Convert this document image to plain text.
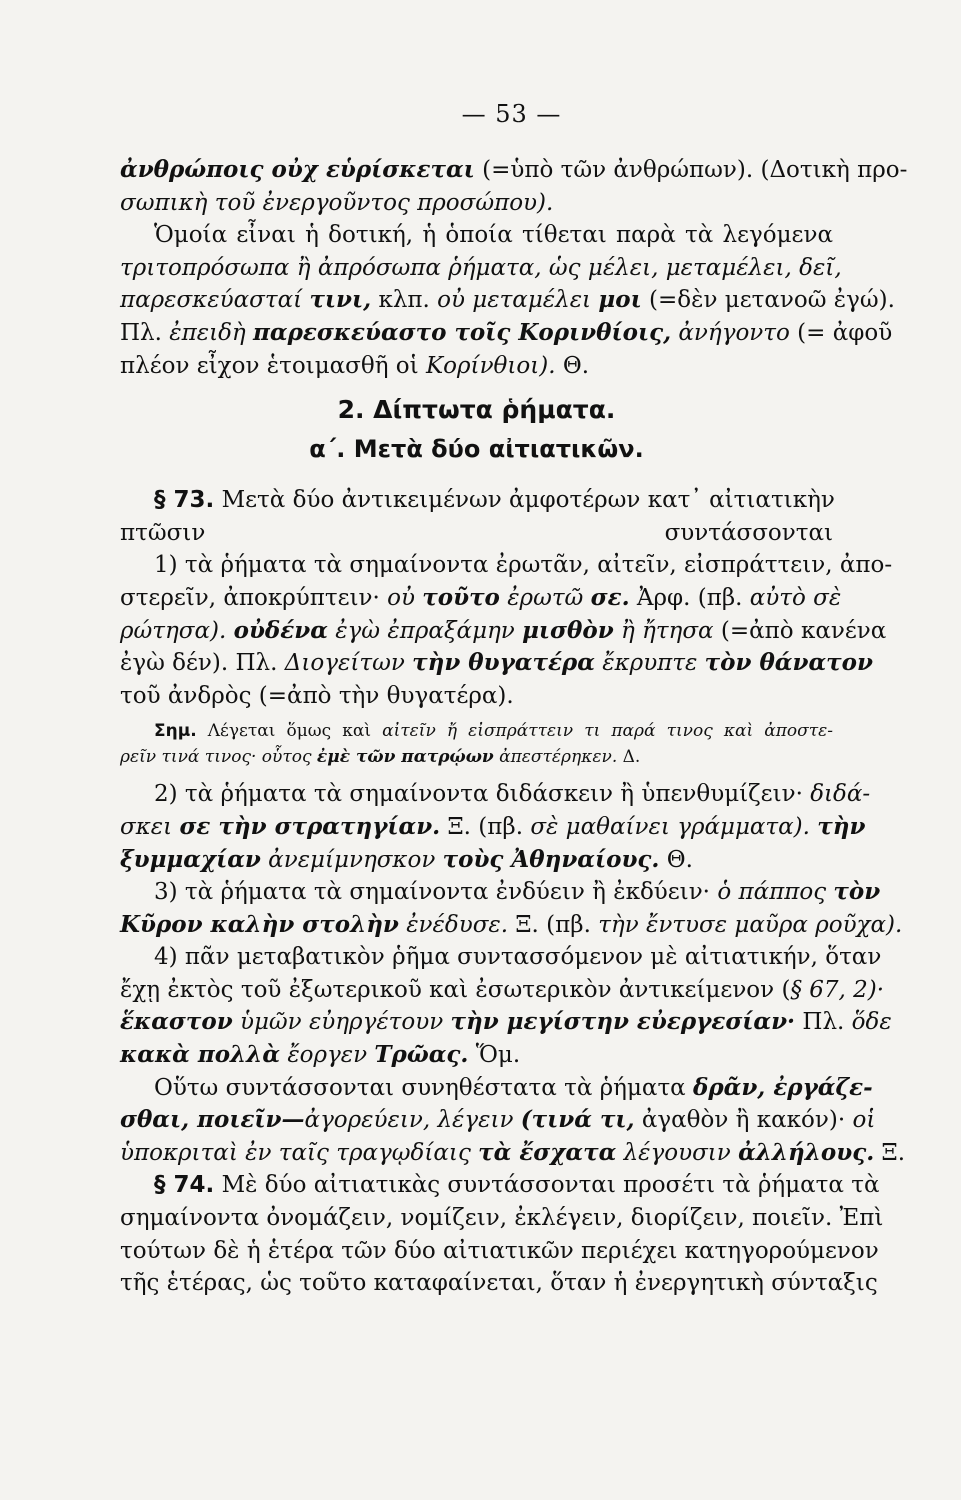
— 53 —
ἀνθρώποις οὐχ εὑρίσκεται (=ὑπὸ τῶν ἀνθρώπων). (Δοτικὴ προ-
σωπικὴ τοῦ ἐνεργοῦντος προσώπου).
Ὁμοία εἶναι ἡ δοτική, ἡ ὁποία τίθεται παρὰ τὰ λεγόμενα
τριτοπρόσωπα ἢ ἀπρόσωπα ῥήματα, ὡς μέλει, μεταμέλει, δεῖ,
παρεσκεύασταί τινι, κλπ. οὐ μεταμέλει μοι (=δὲν μετανοῶ ἐγώ).
Πλ. ἐπειδὴ παρεσκεύαστο τοῖς Κορινθίοις, ἀνήγοντο (= ἀφοῦ
πλέον εἶχον ἑτοιμασθῆ οἱ Κορίνθιοι). Θ.
2. Δίπτωτα ῥήματα.
α΄. Μετὰ δύο αἰτιατικῶν.
§ 73. Μετὰ δύο ἀντικειμένων ἀμφοτέρων κατ᾽ αἰτιατικὴν
πτῶσιν συντάσσονται
1) τὰ ῥήματα τὰ σημαίνοντα ἐρωτᾶν, αἰτεῖν, εἰσπράττειν, ἀπο-
στερεῖν, ἀποκρύπτειν· οὐ τοῦτο ἐρωτῶ σε. Ἀρφ. (πβ. αὐτὸ σὲ
ρώτησα). οὐδένα ἐγὼ ἐπραξάμην μισθὸν ἢ ἤτησα (=ἀπὸ κανένα
ἐγὼ δέν). Πλ. Διογείτων τὴν θυγατέρα ἔκρυπτε τὸν θάνατον
τοῦ ἀνδρὸς (=ἀπὸ τὴν θυγατέρα).
Σημ. Λέγεται ὅμως καὶ αἰτεῖν ἤ εἰσπράττειν τι παρά τινος καὶ ἀποστε-
ρεῖν τινά τινος· οὗτος ἐμὲ τῶν πατρῴων ἀπεστέρηκεν. Δ.
2) τὰ ῥήματα τὰ σημαίνοντα διδάσκειν ἢ ὑπενθυμίζειν· διδά-
σκει σε τὴν στρατηγίαν. Ξ. (πβ. σὲ μαθαίνει γράμματα). τὴν
ξυμμαχίαν ἀνεμίμνησκον τοὺς Ἀθηναίους. Θ.
3) τὰ ῥήματα τὰ σημαίνοντα ἐνδύειν ἢ ἐκδύειν· ὁ πάππος τὸν
Κῦρον καλὴν στολὴν ἐνέδυσε. Ξ. (πβ. τὴν ἔντυσε μαῦρα ροῦχα).
4) πᾶν μεταβατικὸν ῥῆμα συντασσόμενον μὲ αἰτιατικήν, ὅταν
ἔχῃ ἐκτὸς τοῦ ἐξωτερικοῦ καὶ ἐσωτερικὸν ἀντικείμενον (§ 67, 2)·
ἕκαστον ὑμῶν εὐηργέτουν τὴν μεγίστην εὐεργεσίαν· Πλ. ὅδε
κακὰ πολλὰ ἔοργεν Τρῶας. Ὅμ.
Οὕτω συντάσσονται συνηθέστατα τὰ ῥήματα δρᾶν, ἐργάζε-
σθαι, ποιεῖν—ἀγορεύειν, λέγειν (τινά τι, ἀγαθὸν ἢ κακόν)· οἱ
ὑποκριταὶ ἐν ταῖς τραγῳδίαις τὰ ἔσχατα λέγουσιν ἀλλήλους. Ξ.
§ 74. Μὲ δύο αἰτιατικὰς συντάσσονται προσέτι τὰ ῥήματα τὰ
σημαίνοντα ὀνομάζειν, νομίζειν, ἐκλέγειν, διορίζειν, ποιεῖν. Ἐπὶ
τούτων δὲ ἡ ἑτέρα τῶν δύο αἰτιατικῶν περιέχει κατηγορούμενον
τῆς ἑτέρας, ὡς τοῦτο καταφαίνεται, ὅταν ἡ ἐνεργητικὴ σύνταξις
